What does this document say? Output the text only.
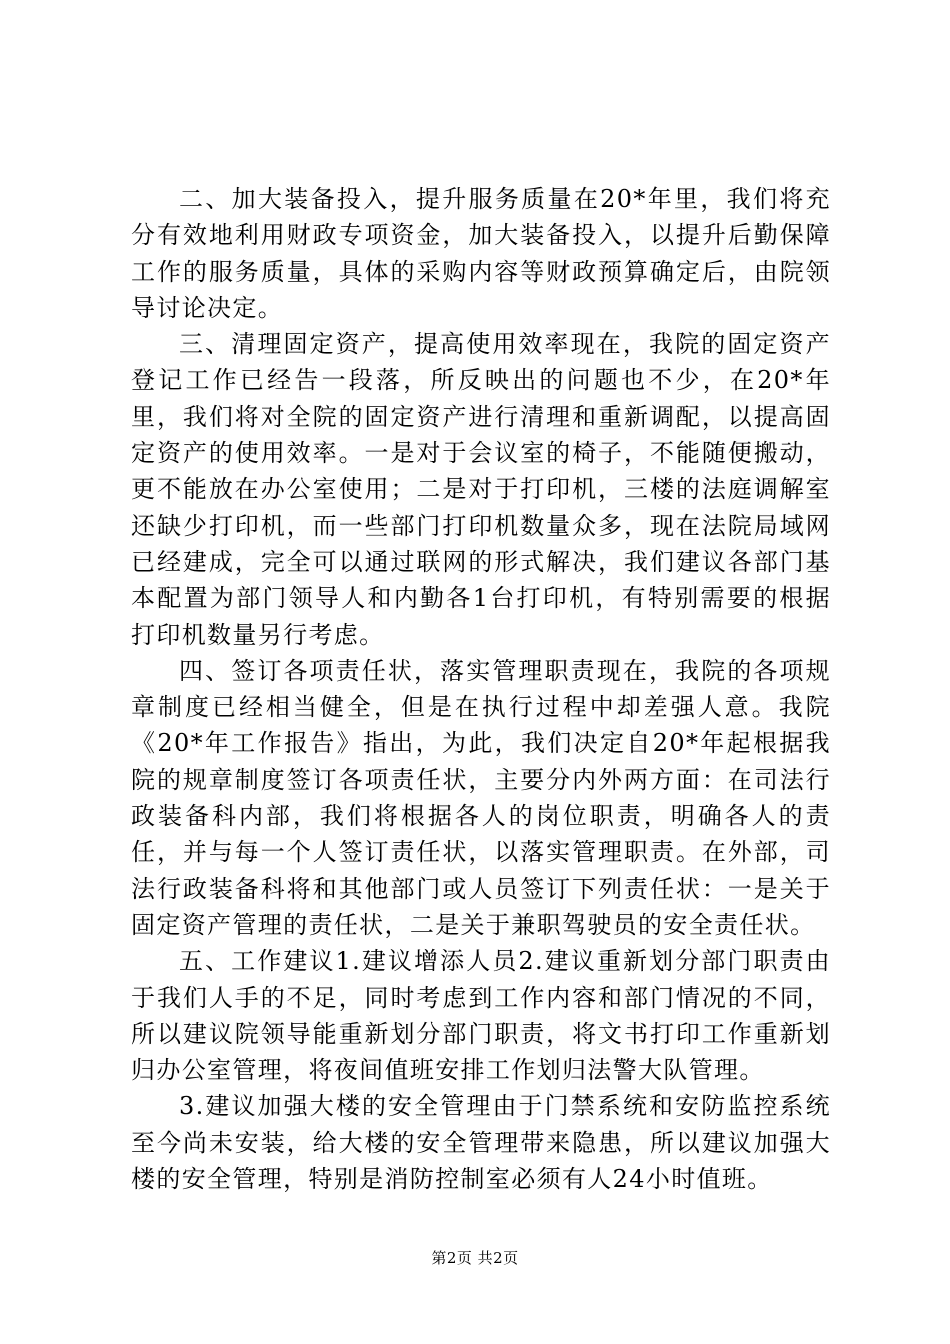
二、加大装备投入，提升服务质量在20*年里，我们将充分有效地利用财政专项资金，加大装备投入，以提升后勤保障工作的服务质量，具体的采购内容等财政预算确定后，由院领导讨论决定。

三、清理固定资产，提高使用效率现在，我院的固定资产登记工作已经告一段落，所反映出的问题也不少，在20*年里，我们将对全院的固定资产进行清理和重新调配，以提高固定资产的使用效率。一是对于会议室的椅子，不能随便搬动，更不能放在办公室使用；二是对于打印机，三楼的法庭调解室还缺少打印机，而一些部门打印机数量众多，现在法院局域网已经建成，完全可以通过联网的形式解决，我们建议各部门基本配置为部门领导人和内勤各1台打印机，有特别需要的根据打印机数量另行考虑。

四、签订各项责任状，落实管理职责现在，我院的各项规章制度已经相当健全，但是在执行过程中却差强人意。我院《20*年工作报告》指出，为此，我们决定自20*年起根据我院的规章制度签订各项责任状，主要分内外两方面：在司法行政装备科内部，我们将根据各人的岗位职责，明确各人的责任，并与每一个人签订责任状，以落实管理职责。在外部，司法行政装备科将和其他部门或人员签订下列责任状：一是关于固定资产管理的责任状，二是关于兼职驾驶员的安全责任状。

五、工作建议1.建议增添人员2.建议重新划分部门职责由于我们人手的不足，同时考虑到工作内容和部门情况的不同，所以建议院领导能重新划分部门职责，将文书打印工作重新划归办公室管理，将夜间值班安排工作划归法警大队管理。

3.建议加强大楼的安全管理由于门禁系统和安防监控系统至今尚未安装，给大楼的安全管理带来隐患，所以建议加强大楼的安全管理，特别是消防控制室必须有人24小时值班。

第2页 共2页
